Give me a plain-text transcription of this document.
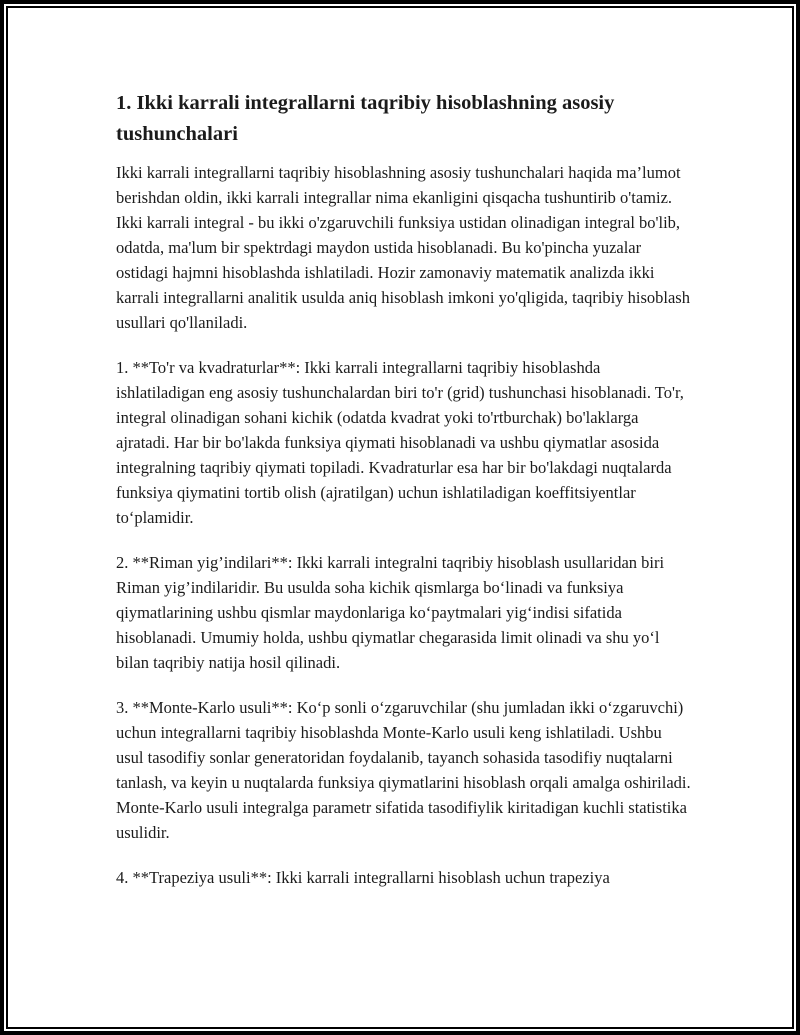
1. Ikki karrali integrallarni taqribiy hisoblashning asosiy tushunchalari

Ikki karrali integrallarni taqribiy hisoblashning asosiy tushunchalari haqida ma’lumot berishdan oldin, ikki karrali integrallar nima ekanligini qisqacha tushuntirib o'tamiz. Ikki karrali integral - bu ikki o'zgaruvchili funksiya ustidan olinadigan integral bo'lib, odatda, ma'lum bir spektrdagi maydon ustida hisoblanadi. Bu ko'pincha yuzalar ostidagi hajmni hisoblashda ishlatiladi. Hozir zamonaviy matematik analizda ikki karrali integrallarni analitik usulda aniq hisoblash imkoni yo'qligida, taqribiy hisoblash usullari qo'llaniladi.

1. **To'r va kvadraturlar**: Ikki karrali integrallarni taqribiy hisoblashda ishlatiladigan eng asosiy tushunchalardan biri to'r (grid) tushunchasi hisoblanadi. To'r, integral olinadigan sohani kichik (odatda kvadrat yoki to'rtburchak) bo'laklarga ajratadi. Har bir bo'lakda funksiya qiymati hisoblanadi va ushbu qiymatlar asosida integralning taqribiy qiymati topiladi. Kvadraturlar esa har bir bo'lakdagi nuqtalarda funksiya qiymatini tortib olish (ajratilgan) uchun ishlatiladigan koeffitsiyentlar to‘plamidir.

2. **Riman yig’indilari**: Ikki karrali integralni taqribiy hisoblash usullaridan biri Riman yig’indilaridir. Bu usulda soha kichik qismlarga bo‘linadi va funksiya qiymatlarining ushbu qismlar maydonlariga ko‘paytmalari yig‘indisi sifatida hisoblanadi. Umumiy holda, ushbu qiymatlar chegarasida limit olinadi va shu yo‘l bilan taqribiy natija hosil qilinadi.

3. **Monte-Karlo usuli**: Ko‘p sonli o‘zgaruvchilar (shu jumladan ikki o‘zgaruvchi) uchun integrallarni taqribiy hisoblashda Monte-Karlo usuli keng ishlatiladi. Ushbu usul tasodifiy sonlar generatoridan foydalanib, tayanch sohasida tasodifiy nuqtalarni tanlash, va keyin u nuqtalarda funksiya qiymatlarini hisoblash orqali amalga oshiriladi. Monte-Karlo usuli integralga parametr sifatida tasodifiylik kiritadigan kuchli statistika usulidir.

4. **Trapeziya usuli**: Ikki karrali integrallarni hisoblash uchun trapeziya
